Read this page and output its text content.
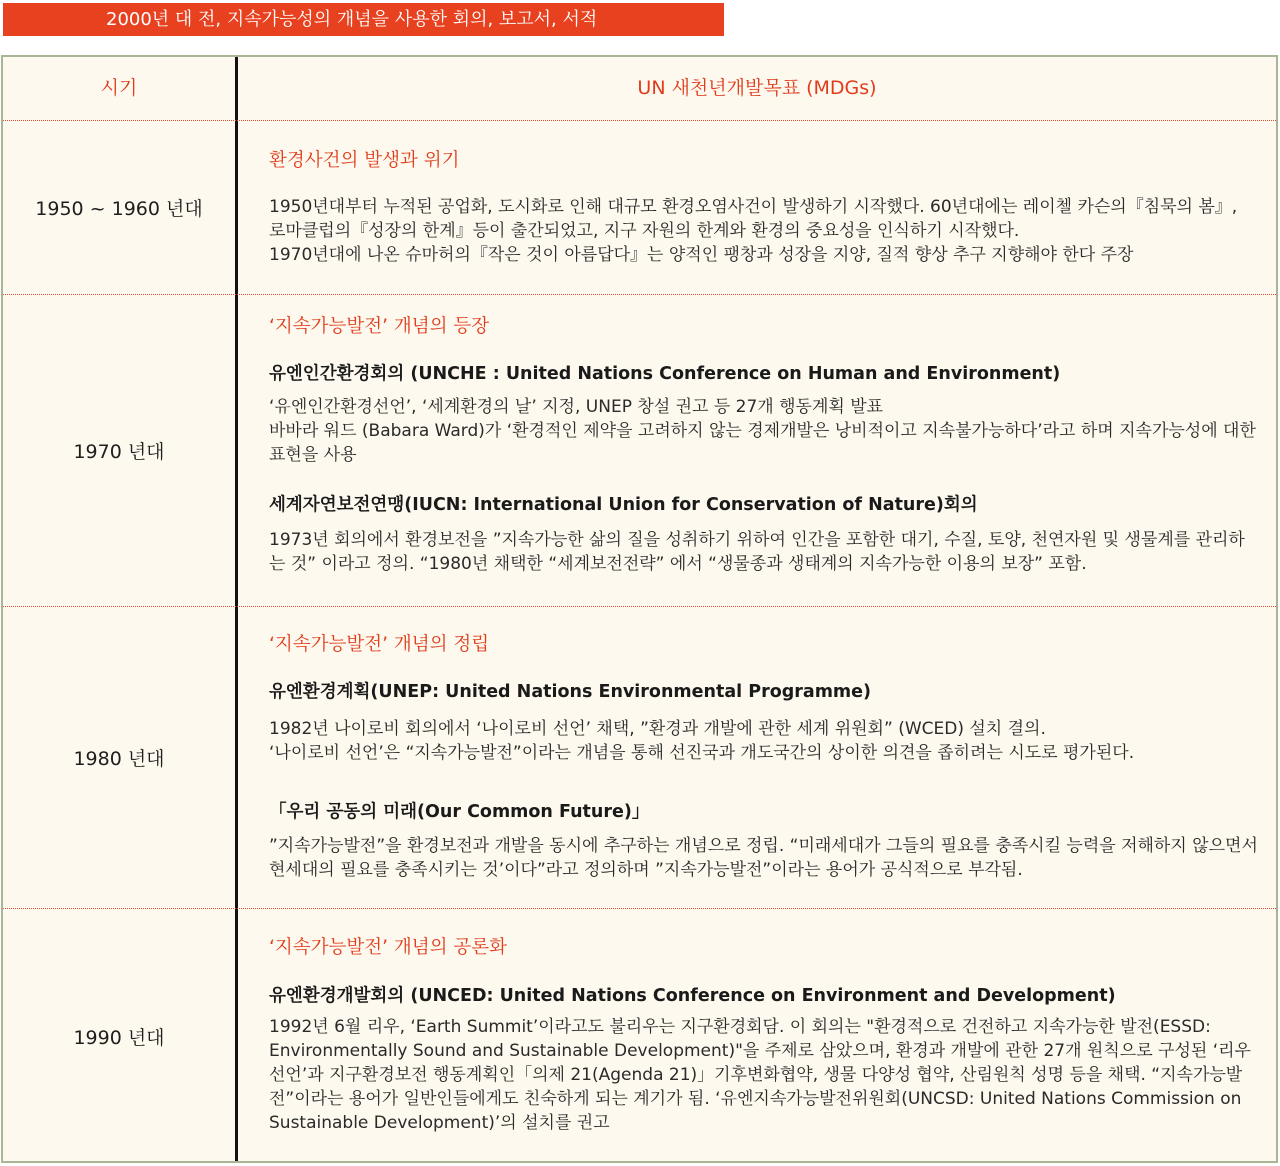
2000년 대 전, 지속가능성의 개념을 사용한 회의, 보고서, 서적
시기	UN 새천년개발목표 (MDGs)
1950 ~ 1960 년대
환경사건의 발생과 위기
1950년대부터 누적된 공업화, 도시화로 인해 대규모 환경오염사건이 발생하기 시작했다. 60년대에는 레이첼 카슨의『침묵의 봄』, 로마클럽의『성장의 한계』등이 출간되었고, 지구 자원의 한계와 환경의 중요성을 인식하기 시작했다.
1970년대에 나온 슈마허의『작은 것이 아름답다』는 양적인 팽창과 성장을 지양, 질적 향상 추구 지향해야 한다 주장
1970 년대
‘지속가능발전’ 개념의 등장
유엔인간환경회의 (UNCHE : United Nations Conference on Human and Environment)
‘유엔인간환경선언’, ‘세계환경의 날’ 지정, UNEP 창설 권고 등 27개 행동계획 발표
바바라 워드 (Babara Ward)가 ‘환경적인 제약을 고려하지 않는 경제개발은 낭비적이고 지속불가능하다’라고 하며 지속가능성에 대한 표현을 사용
세계자연보전연맹(IUCN: International Union for Conservation of Nature)회의
1973년 회의에서 환경보전을 ”지속가능한 삶의 질을 성취하기 위하여 인간을 포함한 대기, 수질, 토양, 천연자원 및 생물계를 관리하는 것” 이라고 정의. “1980년 채택한 “세계보전전략” 에서 “생물종과 생태계의 지속가능한 이용의 보장” 포함.
1980 년대
‘지속가능발전’ 개념의 정립
유엔환경계획(UNEP: United Nations Environmental Programme)
1982년 나이로비 회의에서 ‘나이로비 선언’ 채택, ”환경과 개발에 관한 세계 위원회” (WCED) 설치 결의.
‘나이로비 선언’은 “지속가능발전”이라는 개념을 통해 선진국과 개도국간의 상이한 의견을 좁히려는 시도로 평가된다.
「우리 공동의 미래(Our Common Future)」
”지속가능발전”을 환경보전과 개발을 동시에 추구하는 개념으로 정립. “미래세대가 그들의 필요를 충족시킬 능력을 저해하지 않으면서 현세대의 필요를 충족시키는 것’이다”라고 정의하며 ”지속가능발전”이라는 용어가 공식적으로 부각됨.
1990 년대
‘지속가능발전’ 개념의 공론화
유엔환경개발회의 (UNCED: United Nations Conference on Environment and Development)
1992년 6월 리우, ‘Earth Summit’이라고도 불리우는 지구환경회담. 이 회의는 "환경적으로 건전하고 지속가능한 발전(ESSD: Environmentally Sound and Sustainable Development)"을 주제로 삼았으며, 환경과 개발에 관한 27개 원칙으로 구성된 ‘리우선언’과 지구환경보전 행동계획인「의제 21(Agenda 21)」기후변화협약, 생물 다양성 협약, 산림원칙 성명 등을 채택. “지속가능발전”이라는 용어가 일반인들에게도 친숙하게 되는 계기가 됨. ‘유엔지속가능발전위원회(UNCSD: United Nations Commission on Sustainable Development)’의 설치를 권고
